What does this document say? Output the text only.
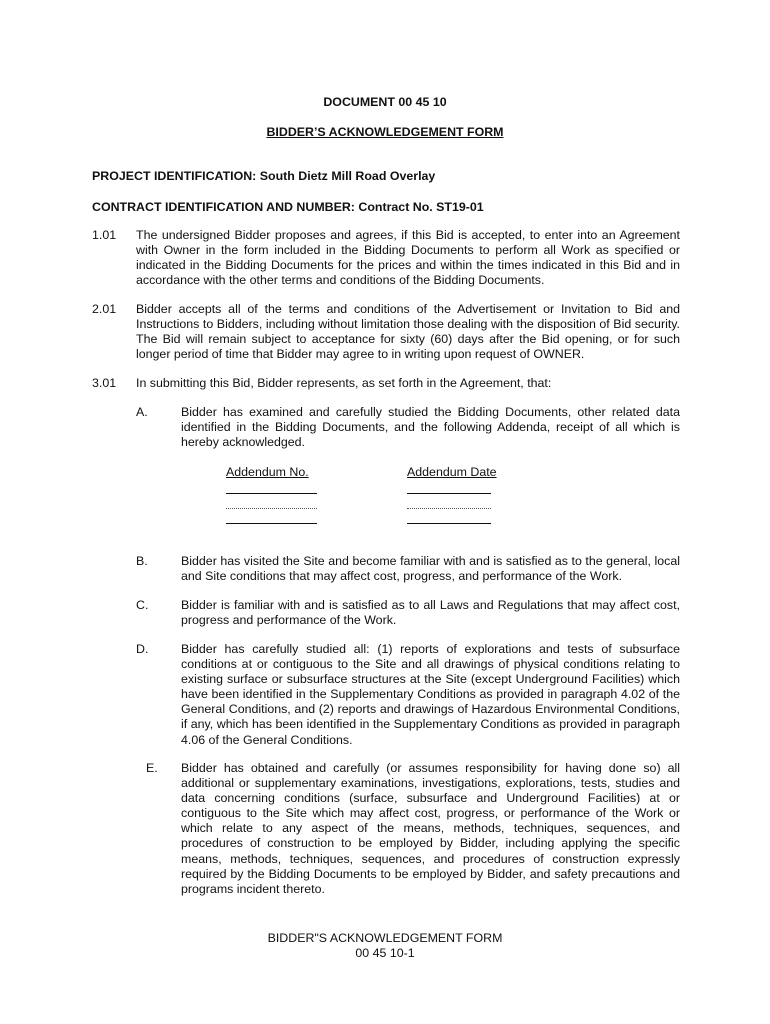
DOCUMENT 00 45 10
BIDDER’S ACKNOWLEDGEMENT FORM
PROJECT IDENTIFICATION: South Dietz Mill Road Overlay
CONTRACT IDENTIFICATION AND NUMBER: Contract No. ST19-01
1.01	The undersigned Bidder proposes and agrees, if this Bid is accepted, to enter into an Agreement with Owner in the form included in the Bidding Documents to perform all Work as specified or indicated in the Bidding Documents for the prices and within the times indicated in this Bid and in accordance with the other terms and conditions of the Bidding Documents.
2.01	Bidder accepts all of the terms and conditions of the Advertisement or Invitation to Bid and Instructions to Bidders, including without limitation those dealing with the disposition of Bid security. The Bid will remain subject to acceptance for sixty (60) days after the Bid opening, or for such longer period of time that Bidder may agree to in writing upon request of OWNER.
3.01	In submitting this Bid, Bidder represents, as set forth in the Agreement, that:
A.	Bidder has examined and carefully studied the Bidding Documents, other related data identified in the Bidding Documents, and the following Addenda, receipt of all which is hereby acknowledged.
Addendum No.	Addendum Date
B.	Bidder has visited the Site and become familiar with and is satisfied as to the general, local and Site conditions that may affect cost, progress, and performance of the Work.
C.	Bidder is familiar with and is satisfied as to all Laws and Regulations that may affect cost, progress and performance of the Work.
D.	Bidder has carefully studied all: (1) reports of explorations and tests of subsurface conditions at or contiguous to the Site and all drawings of physical conditions relating to existing surface or subsurface structures at the Site (except Underground Facilities) which have been identified in the Supplementary Conditions as provided in paragraph 4.02 of the General Conditions, and (2) reports and drawings of Hazardous Environmental Conditions, if any, which has been identified in the Supplementary Conditions as provided in paragraph 4.06 of the General Conditions.
E.	Bidder has obtained and carefully (or assumes responsibility for having done so) all additional or supplementary examinations, investigations, explorations, tests, studies and data concerning conditions (surface, subsurface and Underground Facilities) at or contiguous to the Site which may affect cost, progress, or performance of the Work or which relate to any aspect of the means, methods, techniques, sequences, and procedures of construction to be employed by Bidder, including applying the specific means, methods, techniques, sequences, and procedures of construction expressly required by the Bidding Documents to be employed by Bidder, and safety precautions and programs incident thereto.
BIDDER"S ACKNOWLEDGEMENT FORM
00 45 10-1
